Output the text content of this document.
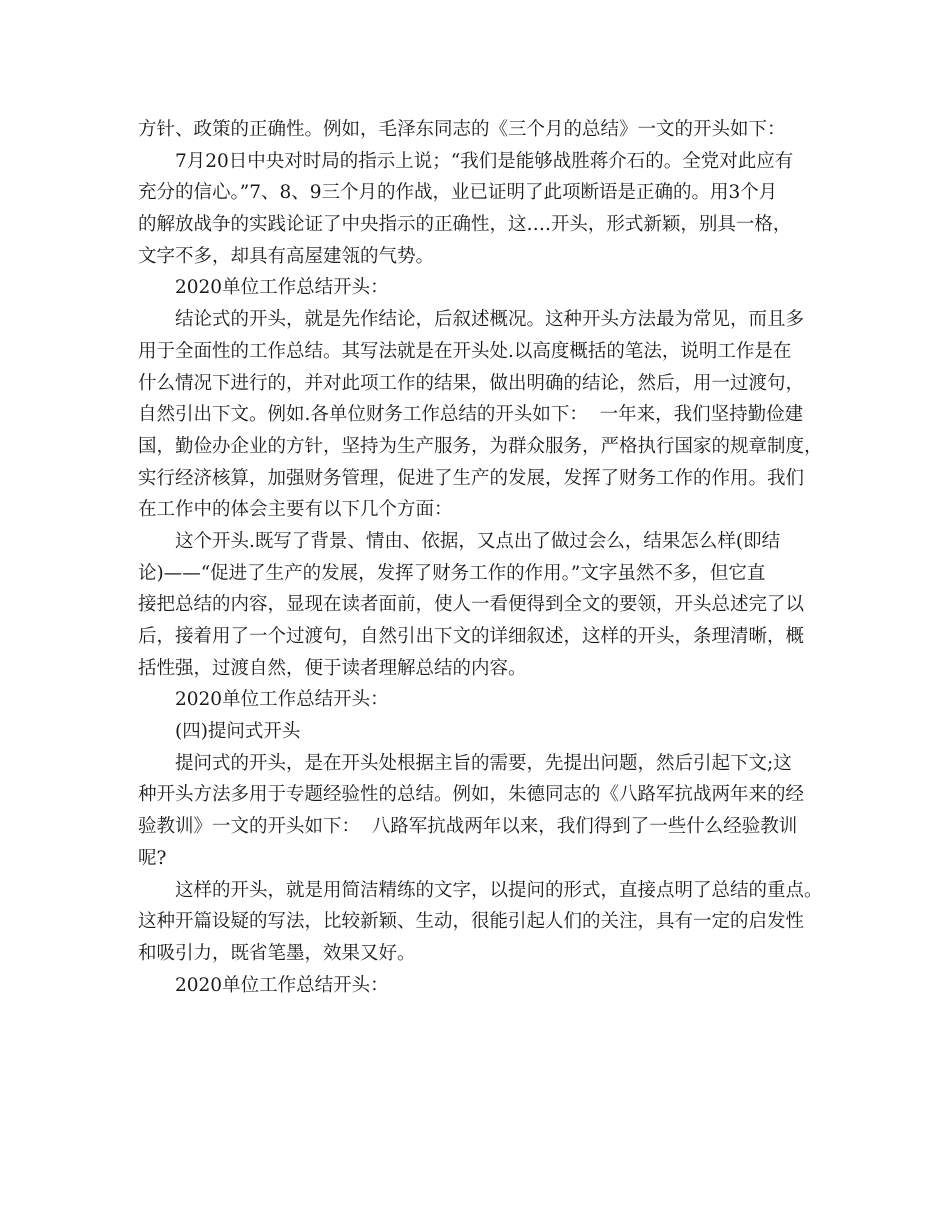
方针、政策的正确性。例如，毛泽东同志的《三个月的总结》一文的开头如下：
7月20日中央对时局的指示上说；“我们是能够战胜蒋介石的。全党对此应有
充分的信心。”7、8、9三个月的作战，业已证明了此项断语是正确的。用3个月
的解放战争的实践论证了中央指示的正确性，这….开头，形式新颖，别具一格，
文字不多，却具有高屋建瓴的气势。
2020单位工作总结开头：
结论式的开头，就是先作结论，后叙述概况。这种开头方法最为常见，而且多
用于全面性的工作总结。其写法就是在开头处.以高度概括的笔法，说明工作是在
什么情况下进行的，并对此项工作的结果，做出明确的结论，然后，用一过渡句，
自然引出下文。例如.各单位财务工作总结的开头如下：  一年来，我们坚持勤俭建
国，勤俭办企业的方针，坚持为生产服务，为群众服务，严格执行国家的规章制度，
实行经济核算，加强财务管理，促进了生产的发展，发挥了财务工作的作用。我们
在工作中的体会主要有以下几个方面：
这个开头.既写了背景、情由、依据，又点出了做过会么，结果怎么样(即结
论)——“促进了生产的发展，发挥了财务工作的作用。”文字虽然不多，但它直
接把总结的内容，显现在读者面前，使人一看便得到全文的要领，开头总述完了以
后，接着用了一个过渡句，自然引出下文的详细叙述，这样的开头，条理清晰，概
括性强，过渡自然，便于读者理解总结的内容。
2020单位工作总结开头：
(四)提问式开头
提问式的开头，是在开头处根据主旨的需要，先提出问题，然后引起下文;这
种开头方法多用于专题经验性的总结。例如，朱德同志的《八路军抗战两年来的经
验教训》一文的开头如下：  八路军抗战两年以来，我们得到了一些什么经验教训
呢?
这样的开头，就是用简洁精练的文字，以提问的形式，直接点明了总结的重点。
这种开篇设疑的写法，比较新颖、生动，很能引起人们的关注，具有一定的启发性
和吸引力，既省笔墨，效果又好。
2020单位工作总结开头：
